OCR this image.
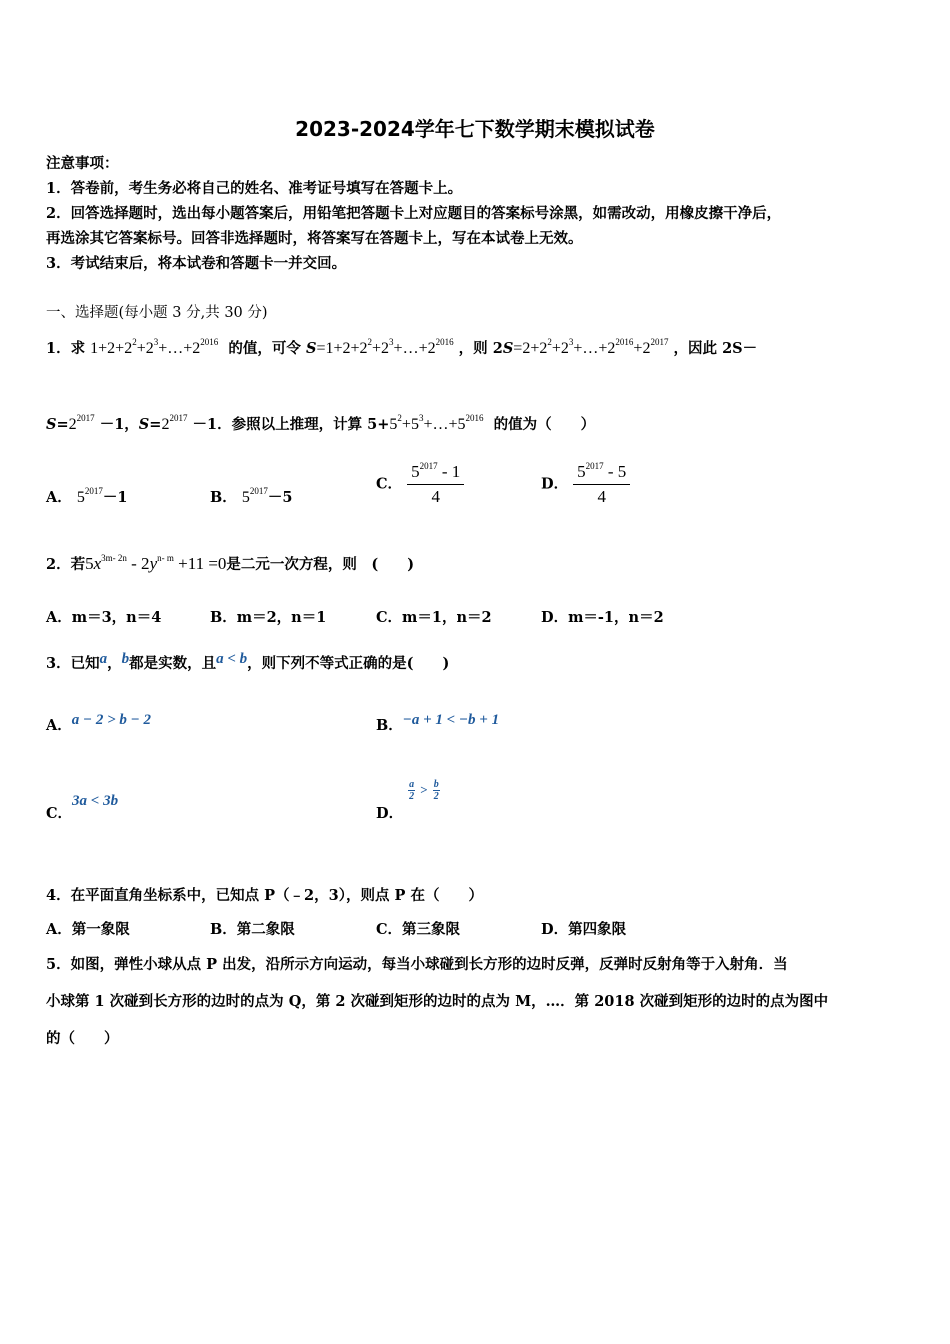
2023-2024学年七下数学期末模拟试卷
注意事项：
1．答卷前，考生务必将自己的姓名、准考证号填写在答题卡上。
2．回答选择题时，选出每小题答案后，用铅笔把答题卡上对应题目的答案标号涂黑，如需改动，用橡皮擦干净后，
再选涂其它答案标号。回答非选择题时，将答案写在答题卡上，写在本试卷上无效。
3．考试结束后，将本试卷和答题卡一并交回。
一、选择题(每小题 3 分,共 30 分)
1．求 $1+2+2^2+2^3+\dots+2^{2016}$ 的值，可令 $S=1+2+2^2+2^3+\dots+2^{2016}$ ，则 $2S=2+2^2+2^3+\dots+2^{2016}+2^{2017}$ ，因此 2S－
$S=2^{2017} -1$，$S=2^{2017} -1$．参照以上推理，计算 $5+5^2+5^3+\dots+5^{2016}$ 的值为（　　）
A． $5^{2017}-1$	B． $5^{2017}-5$
C． $\frac{5^{2017} - 1}{4}$	D． $\frac{5^{2017} - 5}{4}$
2．若$5x^{3m- 2n} - 2y^{n- m} +11 =0$是二元一次方程，则　(　　)
A．m＝3，n＝4	B．m＝2，n＝1	C．m＝1，n＝2	D．m＝-1，n＝2
3．已知a，b都是实数，且a < b，则下列不等式正确的是(　　)
A．a − 2 > b − 2	B．−a + 1 < −b + 1
C．3a < 3b
D．
$\frac{a}{2} > \frac{b}{2}$
4．在平面直角坐标系中，已知点 P（﹣2，3），则点 P 在（　　）
A．第一象限	B．第二象限	C．第三象限	D．第四象限
5．如图，弹性小球从点 P 出发，沿所示方向运动，每当小球碰到长方形的边时反弹，反弹时反射角等于入射角．当
小球第 1 次碰到长方形的边时的点为 Q，第 2 次碰到矩形的边时的点为 M，…．第 2018 次碰到矩形的边时的点为图中
的（　　）
